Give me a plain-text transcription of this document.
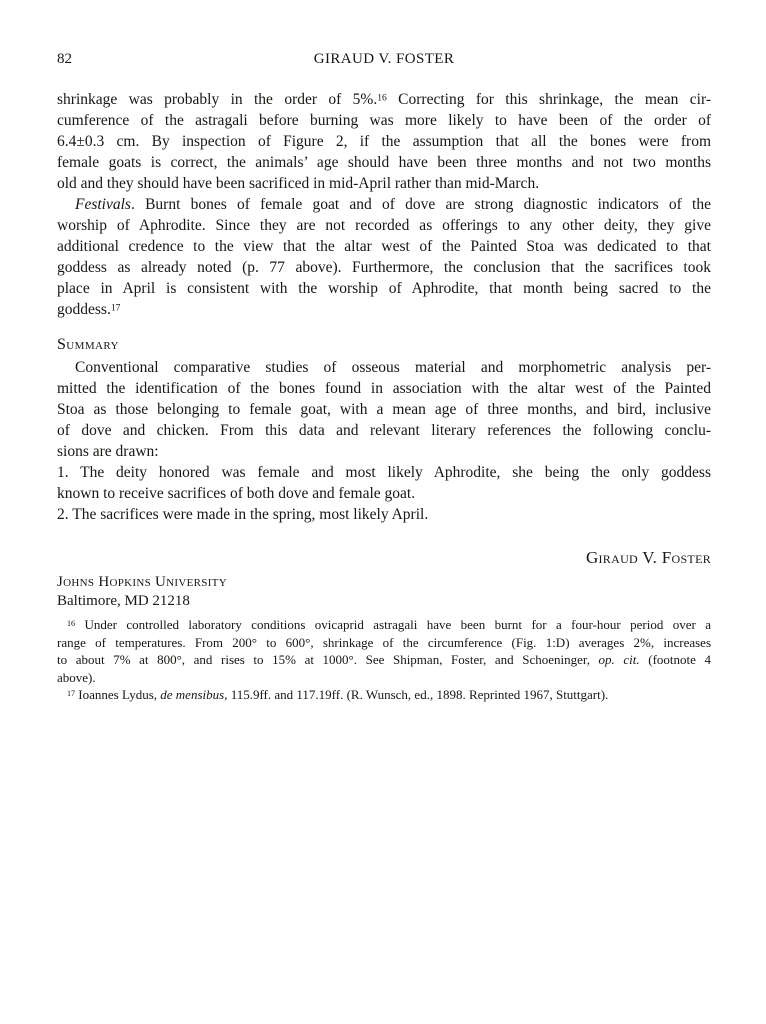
82	GIRAUD V. FOSTER
shrinkage was probably in the order of 5%.$^{16}$ Correcting for this shrinkage, the mean cir-
cumference of the astragali before burning was more likely to have been of the order of
6.4±0.3 cm. By inspection of Figure 2, if the assumption that all the bones were from
female goats is correct, the animals’ age should have been three months and not two months
old and they should have been sacrificed in mid-April rather than mid-March.
Festivals. Burnt bones of female goat and of dove are strong diagnostic indicators of the
worship of Aphrodite. Since they are not recorded as offerings to any other deity, they give
additional credence to the view that the altar west of the Painted Stoa was dedicated to that
goddess as already noted (p. 77 above). Furthermore, the conclusion that the sacrifices took
place in April is consistent with the worship of Aphrodite, that month being sacred to the
goddess.$^{17}$
Summary
Conventional comparative studies of osseous material and morphometric analysis per-
mitted the identification of the bones found in association with the altar west of the Painted
Stoa as those belonging to female goat, with a mean age of three months, and bird, inclusive
of dove and chicken. From this data and relevant literary references the following conclu-
sions are drawn:
1. The deity honored was female and most likely Aphrodite, she being the only goddess
known to receive sacrifices of both dove and female goat.
2. The sacrifices were made in the spring, most likely April.
Giraud V. Foster
Johns Hopkins University
Baltimore, MD 21218
$^{16}$ Under controlled laboratory conditions ovicaprid astragali have been burnt for a four-hour period over a
range of temperatures. From 200° to 600°, shrinkage of the circumference (Fig. 1:D) averages 2%, increases
to about 7% at 800°, and rises to 15% at 1000°. See Shipman, Foster, and Schoeninger, op. cit. (footnote 4
above).
$^{17}$ Ioannes Lydus, de mensibus, 115.9ff. and 117.19ff. (R. Wunsch, ed., 1898. Reprinted 1967, Stuttgart).
